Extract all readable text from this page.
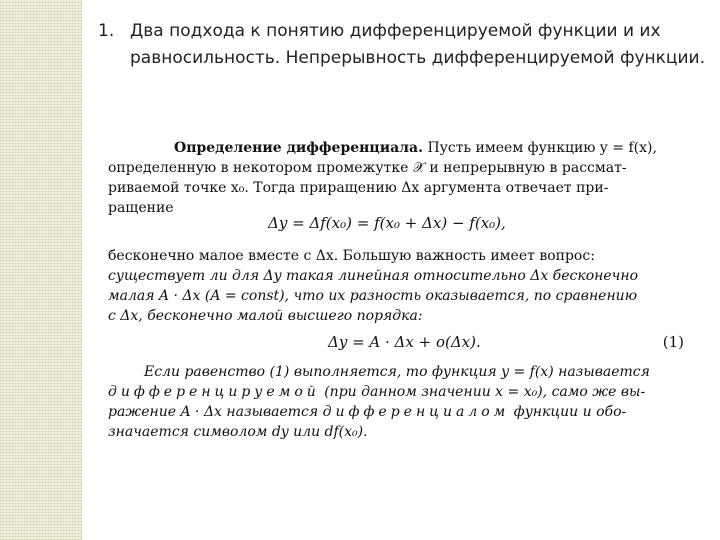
1. Два подхода к понятию дифференцируемой функции и их
равносильность. Непрерывность дифференцируемой функции.
Определение дифференциала. Пусть имеем функцию y = f(x),
определенную в некотором промежутке 𝒳 и непрерывную в рассмат-
риваемой точке x₀. Тогда приращению Δx аргумента отвечает при-
ращение
Δy = Δf(x₀) = f(x₀ + Δx) − f(x₀),
бесконечно малое вместе с Δx. Большую важность имеет вопрос:
существует ли для Δy такая линейная относительно Δx бесконечно
малая A · Δx (A = const), что их разность оказывается, по сравнению
с Δx, бесконечно малой высшего порядка:
Δy = A · Δx + o(Δx).	(1)
Если равенство (1) выполняется, то функция y = f(x) называется
дифференцируемой (при данном значении x = x₀), само же вы-
ражение A · Δx называется дифференциалом функции и обо-
значается символом dy или df(x₀).
